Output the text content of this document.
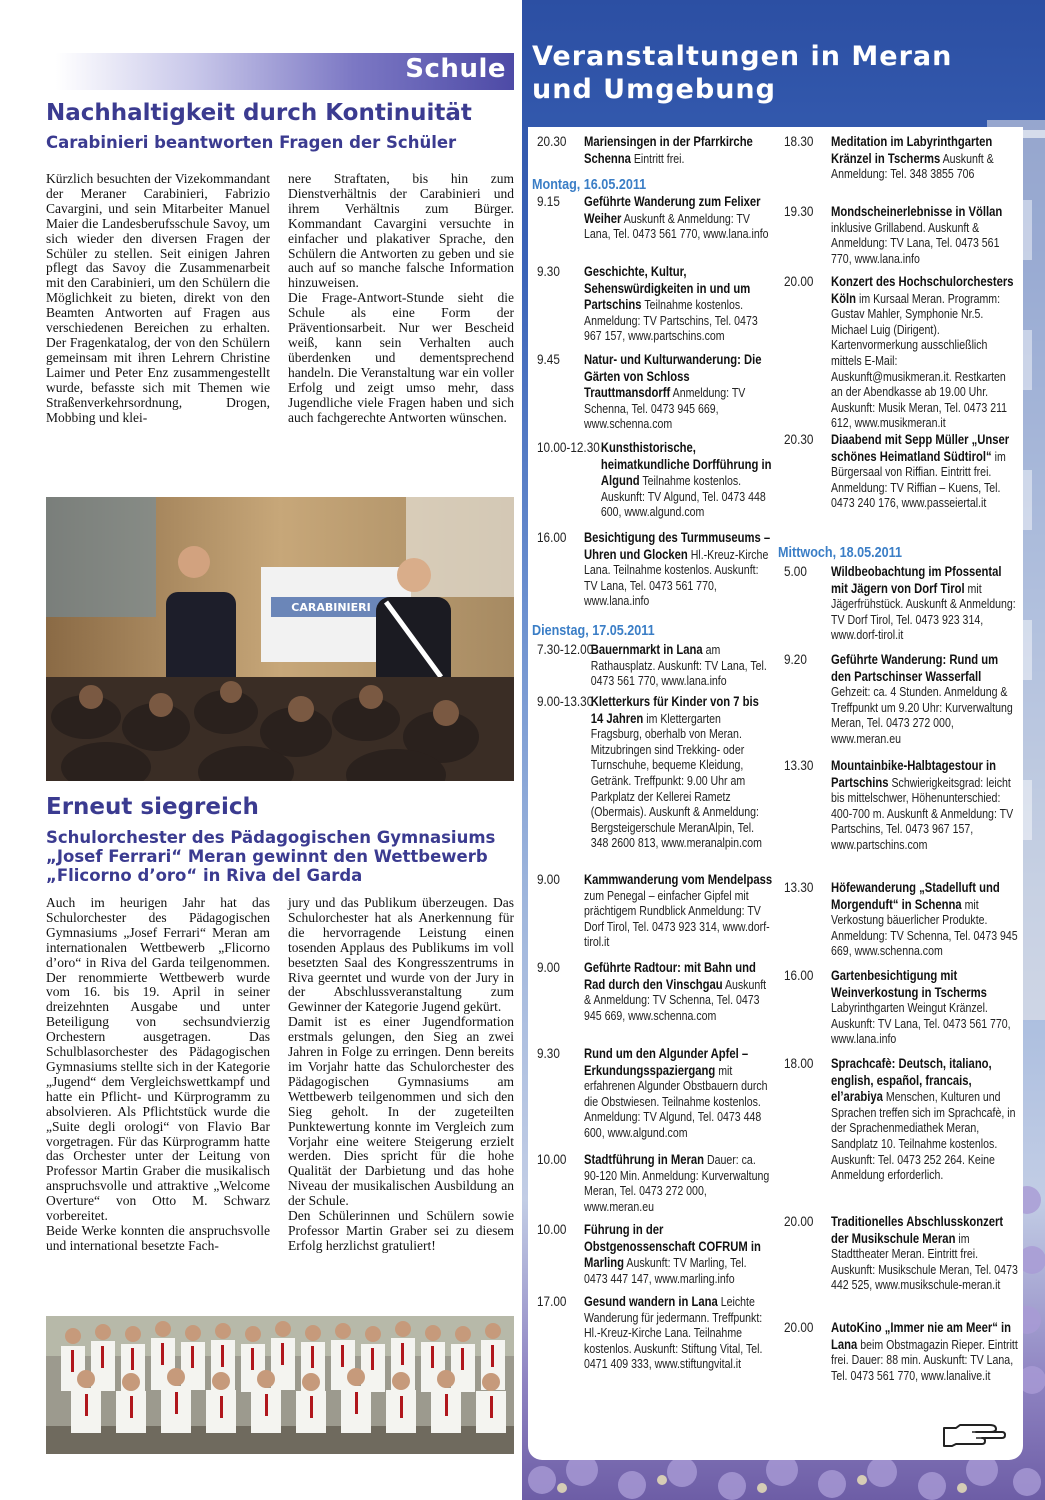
Schule
Nachhaltigkeit durch Kontinuität
Carabinieri beantworten Fragen der Schüler

Kürzlich besuchten der Vizekommandant der Meraner Carabinieri, Fabrizio Cavargini, und sein Mitarbeiter Manuel Maier die Landesberufsschule Savoy, um sich wieder den diversen Fragen der Schüler zu stellen. Seit einigen Jahren pflegt das Savoy die Zusammenarbeit mit den Carabinieri, um den Schülern die Möglichkeit zu bieten, direkt von den Beamten Antworten auf Fragen aus verschiedenen Bereichen zu erhalten. Der Fragenkatalog, der von den Schülern gemeinsam mit ihren Lehrern Christine Laimer und Peter Enz zusammengestellt wurde, befasste sich mit Themen wie Straßenverkehrsordnung, Drogen, Mobbing und klei-

nere Straftaten, bis hin zum Dienstverhältnis der Carabinieri und ihrem Verhältnis zum Bürger. Kommandant Cavargini versuchte in einfacher und plakativer Sprache, den Schülern die Antworten zu geben und sie auch auf so manche falsche Information hinzuweisen.

Die Frage-Antwort-Stunde sieht die Schule als eine Form der Präventionsarbeit. Nur wer Bescheid weiß, kann sein Verhalten auch überdenken und dementsprechend handeln. Die Veranstaltung war ein voller Erfolg und zeigt umso mehr, dass Jugendliche viele Fragen haben und sich auch fachgerechte Antworten wünschen.

CARABINIERI
Erneut siegreich
Schulorchester des Pädagogischen Gymnasiums
„Josef Ferrari“ Meran gewinnt den Wettbewerb
„Flicorno d’oro“ in Riva del Garda

Auch im heurigen Jahr hat das Schulorchester des Pädagogischen Gymnasiums „Josef Ferrari“ Meran am internationalen Wettbewerb „Flicorno d’oro“ in Riva del Garda teilgenommen. Der renommierte Wettbewerb wurde vom 16. bis 19. April in seiner dreizehnten Ausgabe und unter Beteiligung von sechsundvierzig Orchestern ausgetragen. Das Schulblasorchester des Pädagogischen Gymnasiums stellte sich in der Kategorie „Jugend“ dem Vergleichswettkampf und hatte ein Pflicht- und Kürprogramm zu absolvieren. Als Pflichtstück wurde die „Suite degli orologi“ von Flavio Bar vorgetragen. Für das Kürprogramm hatte das Orchester unter der Leitung von Professor Martin Graber die musikalisch anspruchsvolle und attraktive „Welcome Overture“ von Otto M. Schwarz vorbereitet.

Beide Werke konnten die anspruchsvolle und international besetzte Fach-

jury und das Publikum überzeugen. Das Schulorchester hat als Anerkennung für die hervorragende Leistung einen tosenden Applaus des Publikums im voll besetzten Saal des Kongresszentrums in Riva geerntet und wurde von der Jury in der Abschlussveranstaltung zum Gewinner der Kategorie Jugend gekürt.

Damit ist es einer Jugendformation erstmals gelungen, den Sieg an zwei Jahren in Folge zu erringen. Denn bereits im Vorjahr hatte das Schulorchester des Pädagogischen Gymnasiums am Wettbewerb teilgenommen und sich den Sieg geholt. In der zugeteilten Punktewertung konnte im Vergleich zum Vorjahr eine weitere Steigerung erzielt werden. Dies spricht für die hohe Qualität der Darbietung und das hohe Niveau der musikalischen Ausbildung an der Schule.

Den Schülerinnen und Schülern sowie Professor Martin Graber sei zu diesem Erfolg herzlichst gratuliert!

Veranstaltungen in Meran
und Umgebung
20.30 Mariensingen in der Pfarrkirche Schenna Eintritt frei.
Montag, 16.05.2011
9.15 Geführte Wanderung zum Felixer Weiher Auskunft & Anmeldung: TV Lana, Tel. 0473 561 770, www.lana.info
9.30 Geschichte, Kultur, Sehenswürdigkeiten in und um Partschins Teilnahme kostenlos. Anmeldung: TV Partschins, Tel. 0473 967 157, www.partschins.com
9.45 Natur- und Kulturwanderung: Die Gärten von Schloss Trauttmansdorff Anmeldung: TV Schenna, Tel. 0473 945 669, www.schenna.com
10.00-12.30 Kunsthistorische, heimatkundliche Dorfführung in Algund Teilnahme kostenlos. Auskunft: TV Algund, Tel. 0473 448 600, www.algund.com
16.00 Besichtigung des Turmmuseums – Uhren und Glocken Hl.-Kreuz-Kirche Lana. Teilnahme kostenlos. Auskunft: TV Lana, Tel. 0473 561 770, www.lana.info
Dienstag, 17.05.2011
7.30-12.00
Bauernmarkt in Lana am Rathausplatz. Auskunft: TV Lana, Tel. 0473 561 770, www.lana.info
9.00-13.30
Kletterkurs für Kinder von 7 bis 14 Jahren im Klettergarten Fragsburg, oberhalb von Meran. Mitzubringen sind Trekking- oder Turnschuhe, bequeme Kleidung, Getränk. Treffpunkt: 9.00 Uhr am Parkplatz der Kellerei Rametz (Obermais). Auskunft & Anmeldung: Bergsteigerschule MeranAlpin, Tel. 348 2600 813, www.meranalpin.com
9.00 Kammwanderung vom Mendelpass zum Penegal – einfacher Gipfel mit prächtigem Rundblick Anmeldung: TV Dorf Tirol, Tel. 0473 923 314, www.dorf-tirol.it
9.00 Geführte Radtour: mit Bahn und Rad durch den Vinschgau Auskunft & Anmeldung: TV Schenna, Tel. 0473 945 669, www.schenna.com
9.30 Rund um den Algunder Apfel – Erkundungsspaziergang mit erfahrenen Algunder Obstbauern durch die Obstwiesen. Teilnahme kostenlos. Anmeldung: TV Algund, Tel. 0473 448 600, www.algund.com
10.00 Stadtführung in Meran Dauer: ca. 90-120 Min. Anmeldung: Kurverwaltung Meran, Tel. 0473 272 000, www.meran.eu
10.00 Führung in der Obstgenossenschaft COFRUM in Marling Auskunft: TV Marling, Tel. 0473 447 147, www.marling.info
17.00 Gesund wandern in Lana Leichte Wanderung für jedermann. Treffpunkt: Hl.-Kreuz-Kirche Lana. Teilnahme kostenlos. Auskunft: Stiftung Vital, Tel. 0471 409 333, www.stiftungvital.it
18.30 Meditation im Labyrinthgarten Kränzel in Tscherms Auskunft & Anmeldung: Tel. 348 3855 706
19.30 Mondscheinerlebnisse in Völlan inklusive Grillabend. Auskunft & Anmeldung: TV Lana, Tel. 0473 561 770, www.lana.info
20.00 Konzert des Hochschulorchesters Köln im Kursaal Meran. Programm: Gustav Mahler, Symphonie Nr.5. Michael Luig (Dirigent). Kartenvormerkung ausschließlich mittels E-Mail: Auskunft@musikmeran.it. Restkarten an der Abendkasse ab 19.00 Uhr. Auskunft: Musik Meran, Tel. 0473 211 612, www.musikmeran.it
20.30 Diaabend mit Sepp Müller „Unser schönes Heimatland Südtirol“ im Bürgersaal von Riffian. Eintritt frei. Anmeldung: TV Riffian – Kuens, Tel. 0473 240 176, www.passeiertal.it
Mittwoch, 18.05.2011
5.00 Wildbeobachtung im Pfossental mit Jägern von Dorf Tirol mit Jägerfrühstück. Auskunft & Anmeldung: TV Dorf Tirol, Tel. 0473 923 314, www.dorf-tirol.it
9.20 Geführte Wanderung: Rund um den Partschinser Wasserfall Gehzeit: ca. 4 Stunden. Anmeldung & Treffpunkt um 9.20 Uhr: Kurverwaltung Meran, Tel. 0473 272 000, www.meran.eu
13.30 Mountainbike-Halbtagestour in Partschins Schwierigkeitsgrad: leicht bis mittelschwer, Höhenunterschied: 400-700 m. Auskunft & Anmeldung: TV Partschins, Tel. 0473 967 157, www.partschins.com
13.30 Höfewanderung „Stadelluft und Morgenduft“ in Schenna mit Verkostung bäuerlicher Produkte. Anmeldung: TV Schenna, Tel. 0473 945 669, www.schenna.com
16.00 Gartenbesichtigung mit Weinverkostung in Tscherms Labyrinthgarten Weingut Kränzel. Auskunft: TV Lana, Tel. 0473 561 770, www.lana.info
18.00 Sprachcafè: Deutsch, italiano, english, español, francais, el’arabiya Menschen, Kulturen und Sprachen treffen sich im Sprachcafè, in der Sprachenmediathek Meran, Sandplatz 10. Teilnahme kostenlos. Auskunft: Tel. 0473 252 264. Keine Anmeldung erforderlich.
20.00 Traditionelles Abschlusskonzert der Musikschule Meran im Stadttheater Meran. Eintritt frei. Auskunft: Musikschule Meran, Tel. 0473 442 525, www.musikschule-meran.it
20.00 AutoKino „Immer nie am Meer“ in Lana beim Obstmagazin Rieper. Eintritt frei. Dauer: 88 min. Auskunft: TV Lana, Tel. 0473 561 770, www.lanalive.it
